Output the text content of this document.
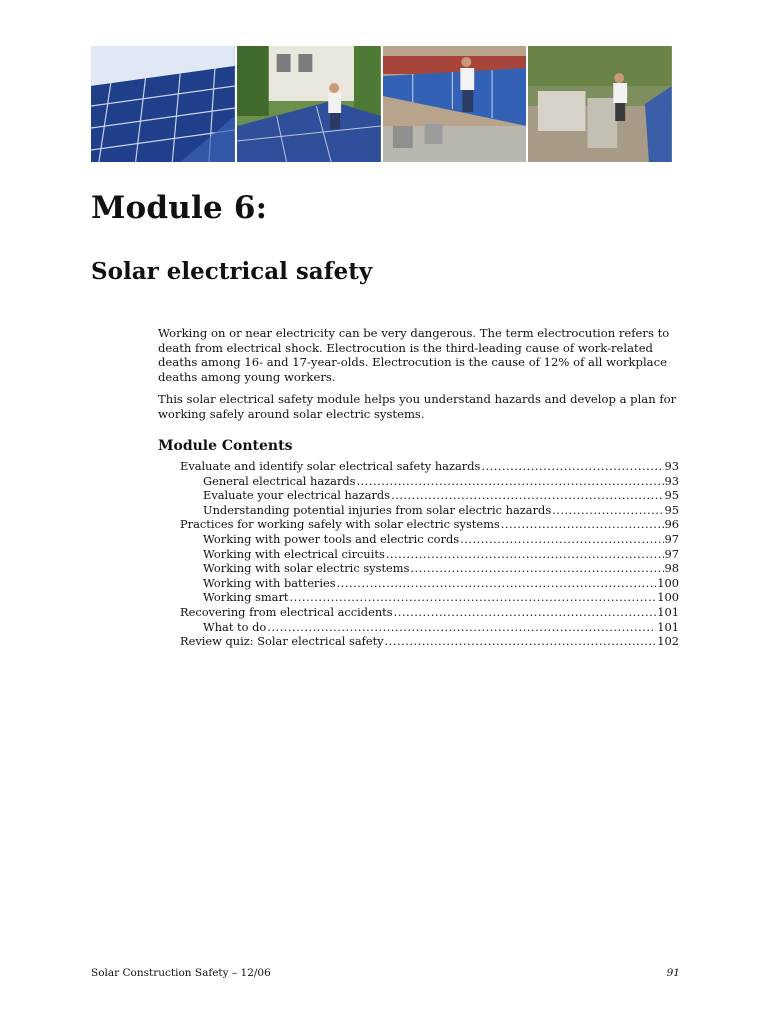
Module 6:
Solar electrical safety

Working on or near electricity can be very dangerous. The term electrocution refers to death from electrical shock. Electrocution is the third-leading cause of work-related deaths among 16- and 17-year-olds. Electrocution is the cause of 12% of all workplace deaths among young workers.

This solar electrical safety module helps you understand hazards and develop a plan for working safely around solar electric systems.

Module Contents
Evaluate and identify solar electrical safety hazards .....	93
General electrical hazards .....	93
Evaluate your electrical hazards .....	95
Understanding potential injuries from solar electric hazards .....	95
Practices for working safely with solar electric systems .....	96
Working with power tools and electric cords .....	97
Working with electrical circuits .....	97
Working with solar electric systems .....	98
Working with batteries .....	100
Working smart .....	100
Recovering from electrical accidents .....	101
What to do .....	101
Review quiz: Solar electrical safety .....	102
Solar Construction Safety – 12/06	91
